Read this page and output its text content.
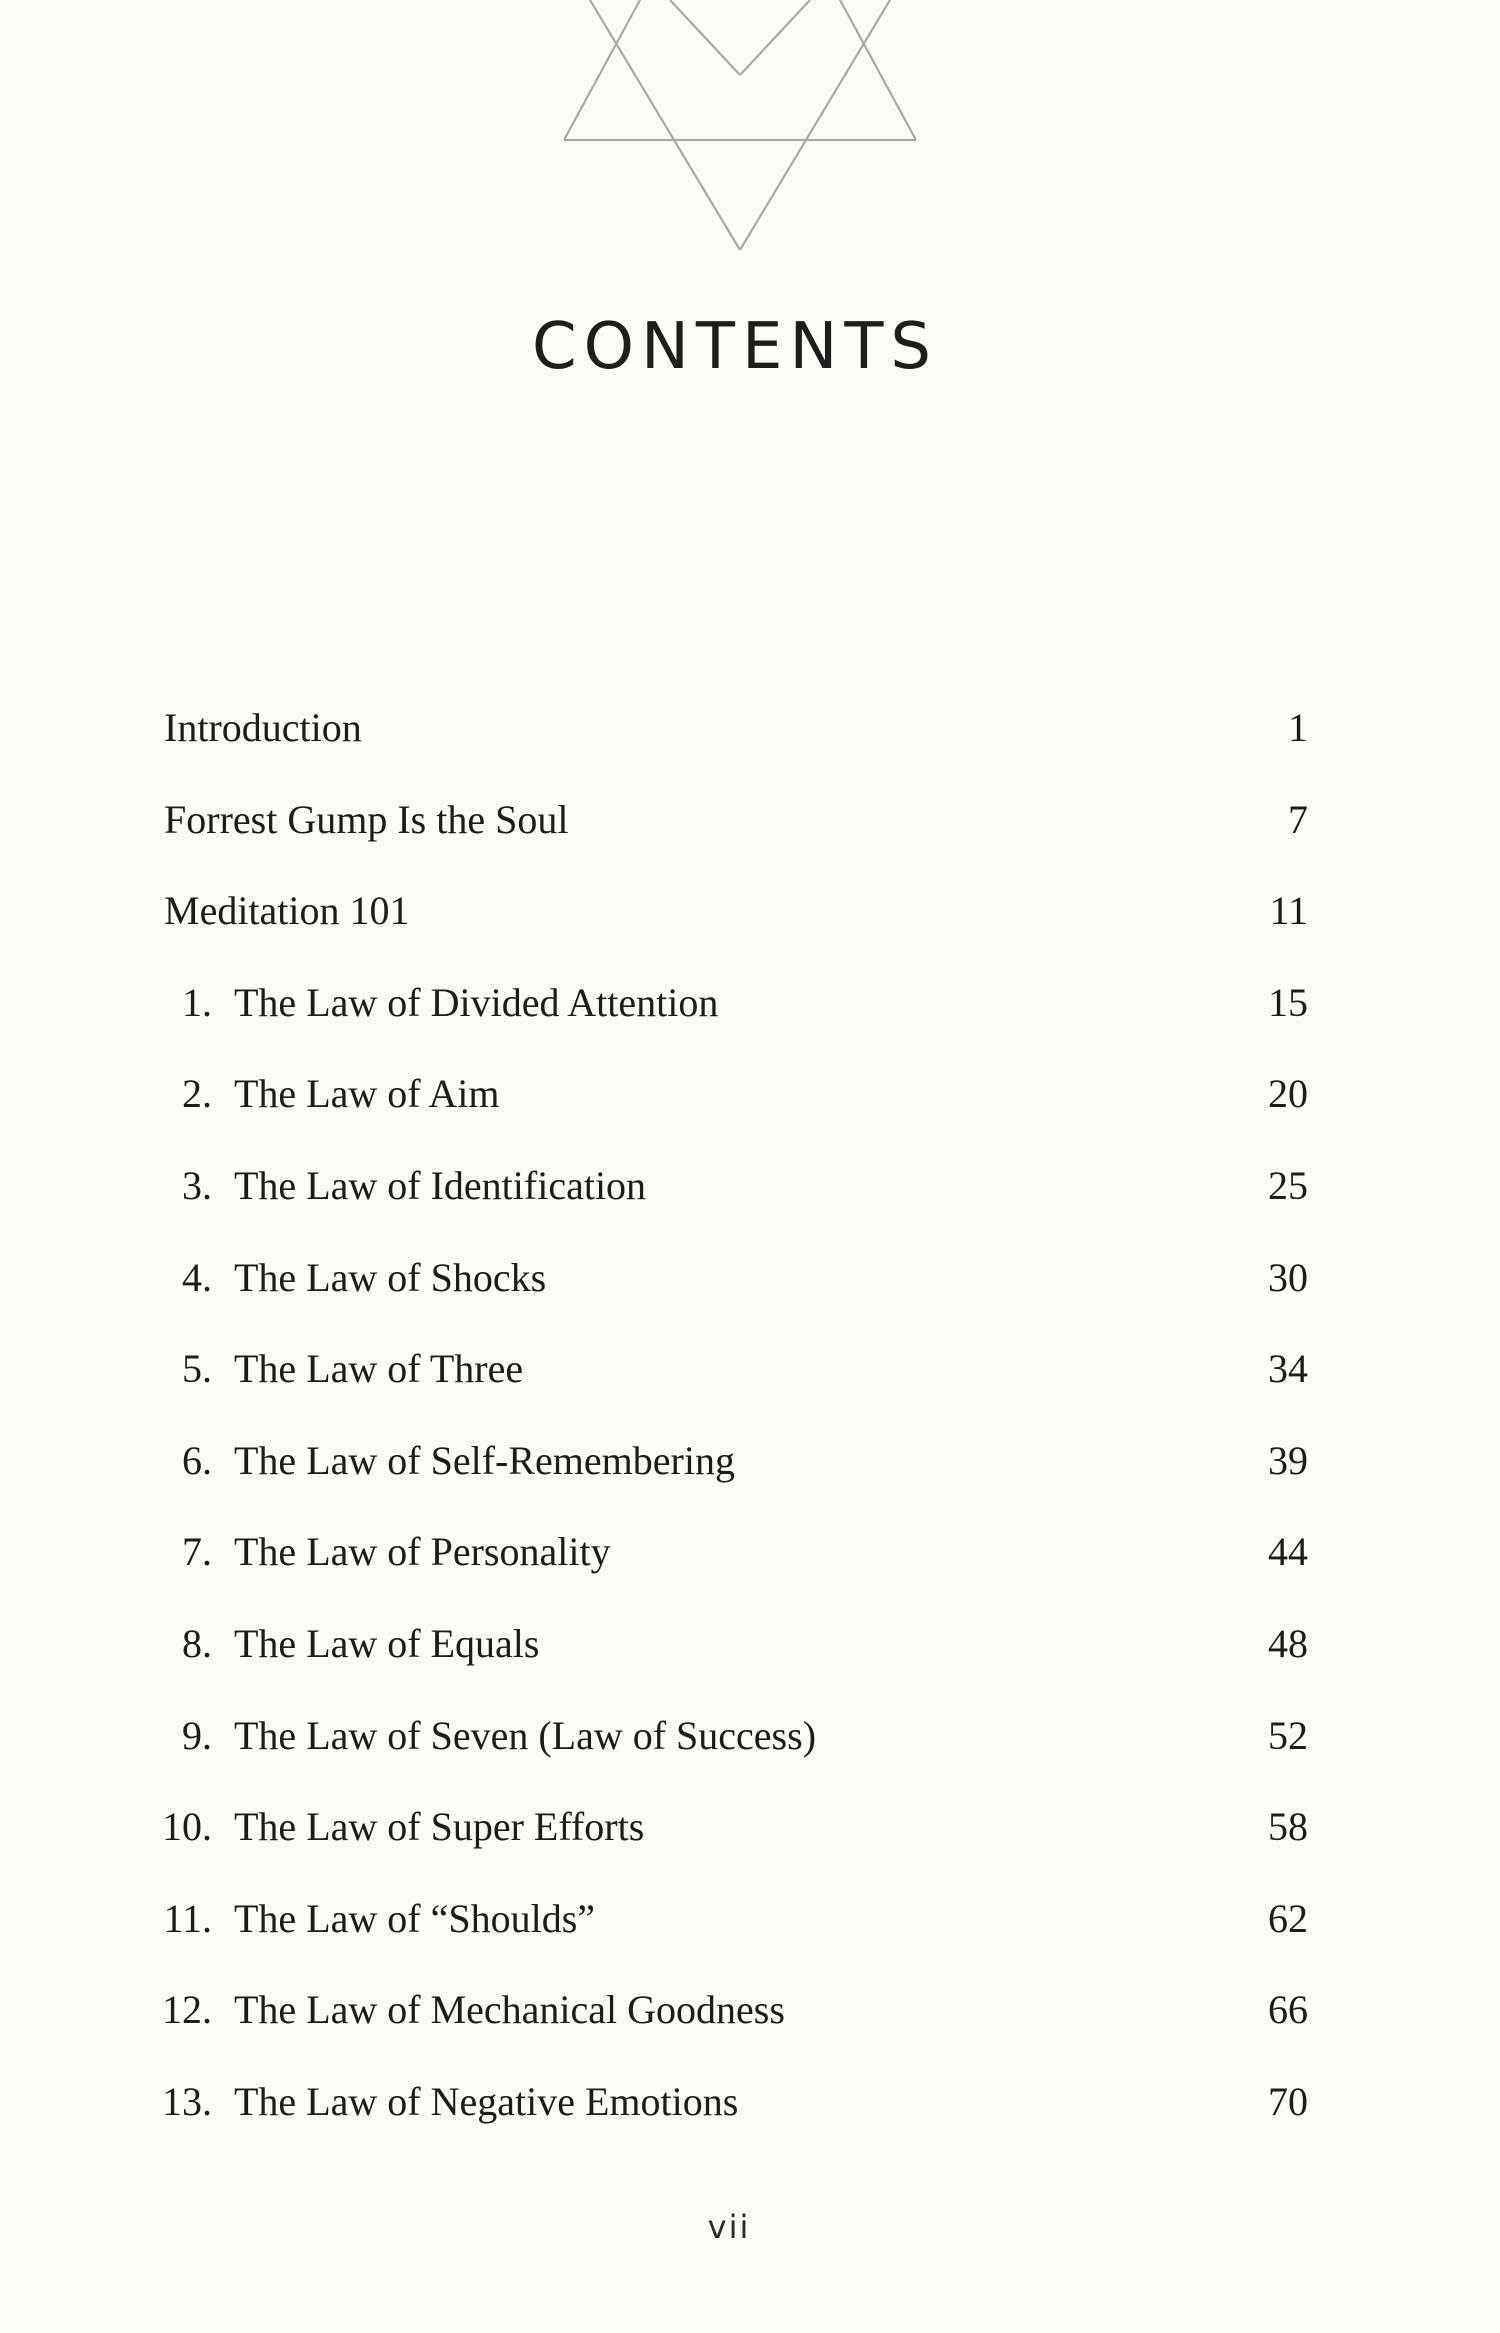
CONTENTS
Introduction	1
Forrest Gump Is the Soul	7
Meditation 101	11
1. The Law of Divided Attention	15
2. The Law of Aim	20
3. The Law of Identification	25
4. The Law of Shocks	30
5. The Law of Three	34
6. The Law of Self-Remembering	39
7. The Law of Personality	44
8. The Law of Equals	48
9. The Law of Seven (Law of Success)	52
10. The Law of Super Efforts	58
11. The Law of “Shoulds”	62
12. The Law of Mechanical Goodness	66
13. The Law of Negative Emotions	70
vii
